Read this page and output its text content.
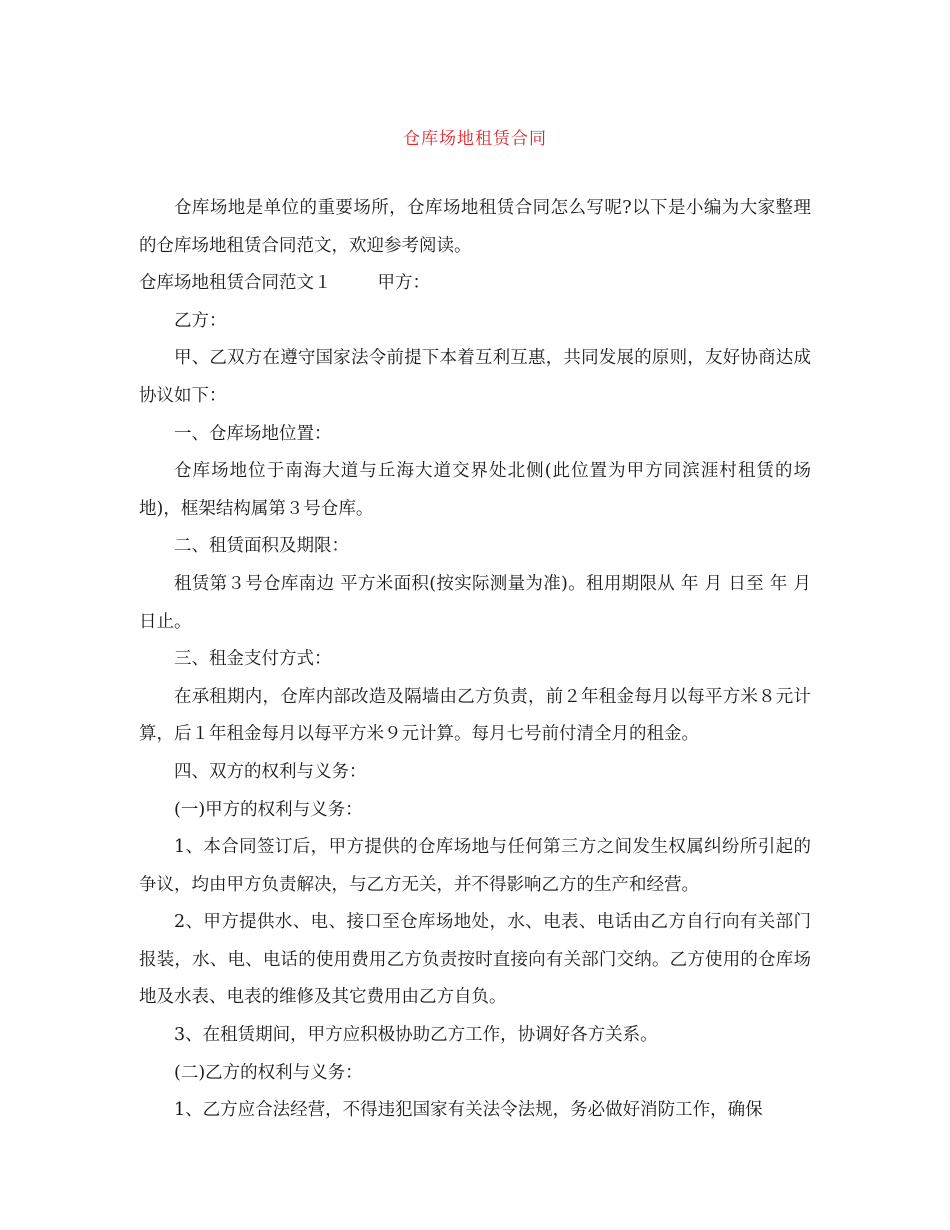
仓库场地租赁合同

仓库场地是单位的重要场所，仓库场地租赁合同怎么写呢?以下是小编为大家整理的仓库场地租赁合同范文，欢迎参考阅读。

仓库场地租赁合同范文１	甲方：

乙方：

甲、乙双方在遵守国家法令前提下本着互利互惠，共同发展的原则，友好协商达成协议如下：

一、仓库场地位置：

仓库场地位于南海大道与丘海大道交界处北侧(此位置为甲方同滨涯村租赁的场地)，框架结构属第３号仓库。

二、租赁面积及期限：

租赁第３号仓库南边 平方米面积(按实际测量为准)。租用期限从 年 月 日至 年 月 日止。

三、租金支付方式：

在承租期内，仓库内部改造及隔墙由乙方负责，前２年租金每月以每平方米８元计算，后１年租金每月以每平方米９元计算。每月七号前付清全月的租金。

四、双方的权利与义务：

(一)甲方的权利与义务：

1、本合同签订后，甲方提供的仓库场地与任何第三方之间发生权属纠纷所引起的争议，均由甲方负责解决，与乙方无关，并不得影响乙方的生产和经营。

2、甲方提供水、电、接口至仓库场地处，水、电表、电话由乙方自行向有关部门报装，水、电、电话的使用费用乙方负责按时直接向有关部门交纳。乙方使用的仓库场地及水表、电表的维修及其它费用由乙方自负。

3、在租赁期间，甲方应积极协助乙方工作，协调好各方关系。

(二)乙方的权利与义务：

1、乙方应合法经营，不得违犯国家有关法令法规，务必做好消防工作，确保
